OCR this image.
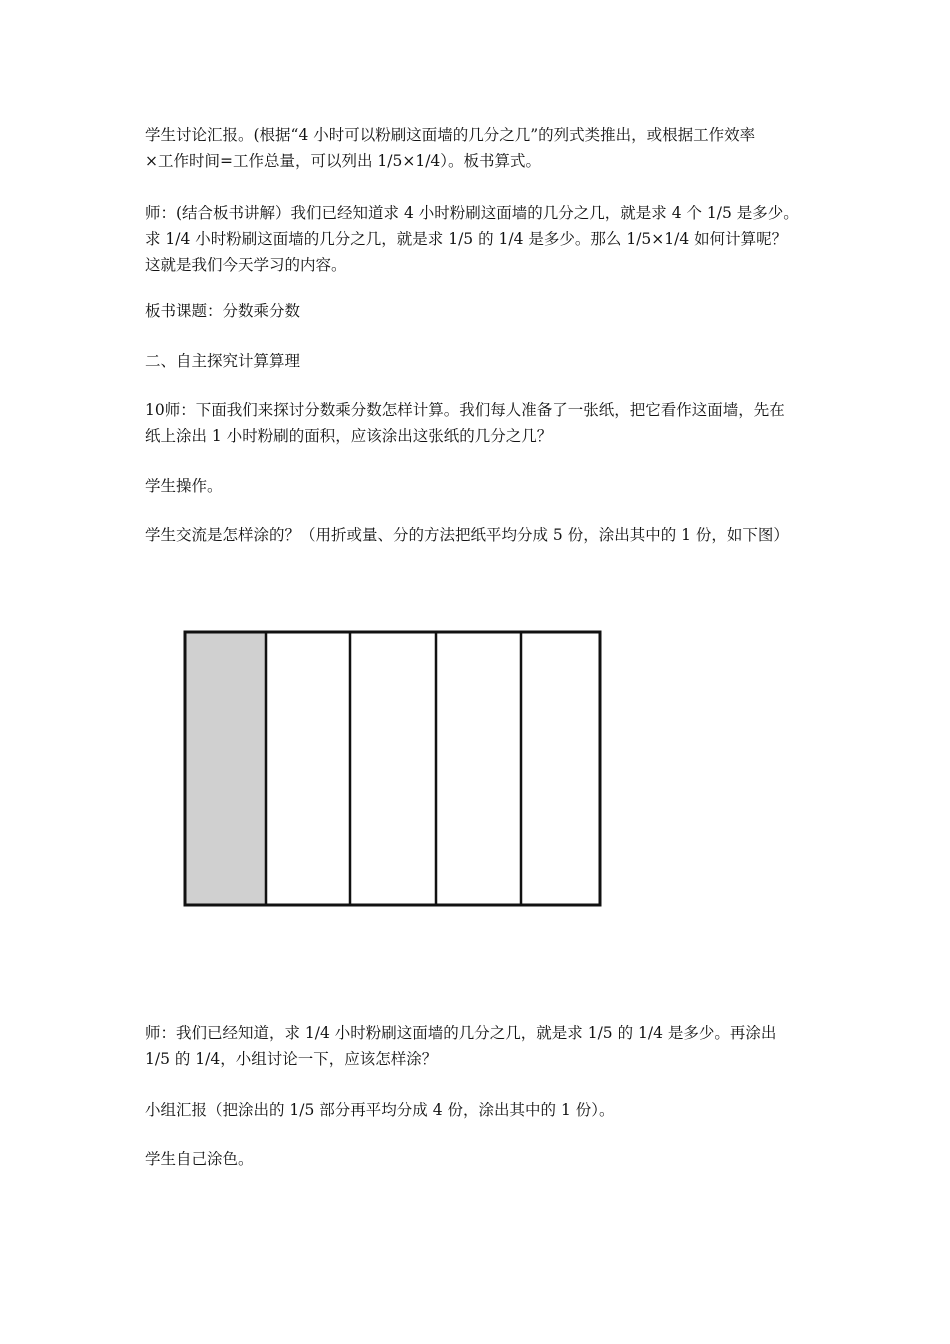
学生讨论汇报。(根据“4 小时可以粉刷这面墙的几分之几”的列式类推出，或根据工作效率
×工作时间=工作总量，可以列出 1/5×1/4）。板书算式。

师：(结合板书讲解）我们已经知道求 4 小时粉刷这面墙的几分之几，就是求 4 个 1/5 是多少。
求 1/4 小时粉刷这面墙的几分之几，就是求 1/5 的 1/4 是多少。那么 1/5×1/4 如何计算呢？
这就是我们今天学习的内容。

板书课题：分数乘分数

二、自主探究计算算理

10师：下面我们来探讨分数乘分数怎样计算。我们每人准备了一张纸，把它看作这面墙，先在
纸上涂出 1 小时粉刷的面积，应该涂出这张纸的几分之几？

学生操作。

学生交流是怎样涂的？（用折或量、分的方法把纸平均分成 5 份，涂出其中的 1 份，如下图）

师：我们已经知道，求 1/4 小时粉刷这面墙的几分之几，就是求 1/5 的 1/4 是多少。再涂出
1/5 的 1/4，小组讨论一下，应该怎样涂？

小组汇报（把涂出的 1/5 部分再平均分成 4 份，涂出其中的 1 份）。

学生自己涂色。
